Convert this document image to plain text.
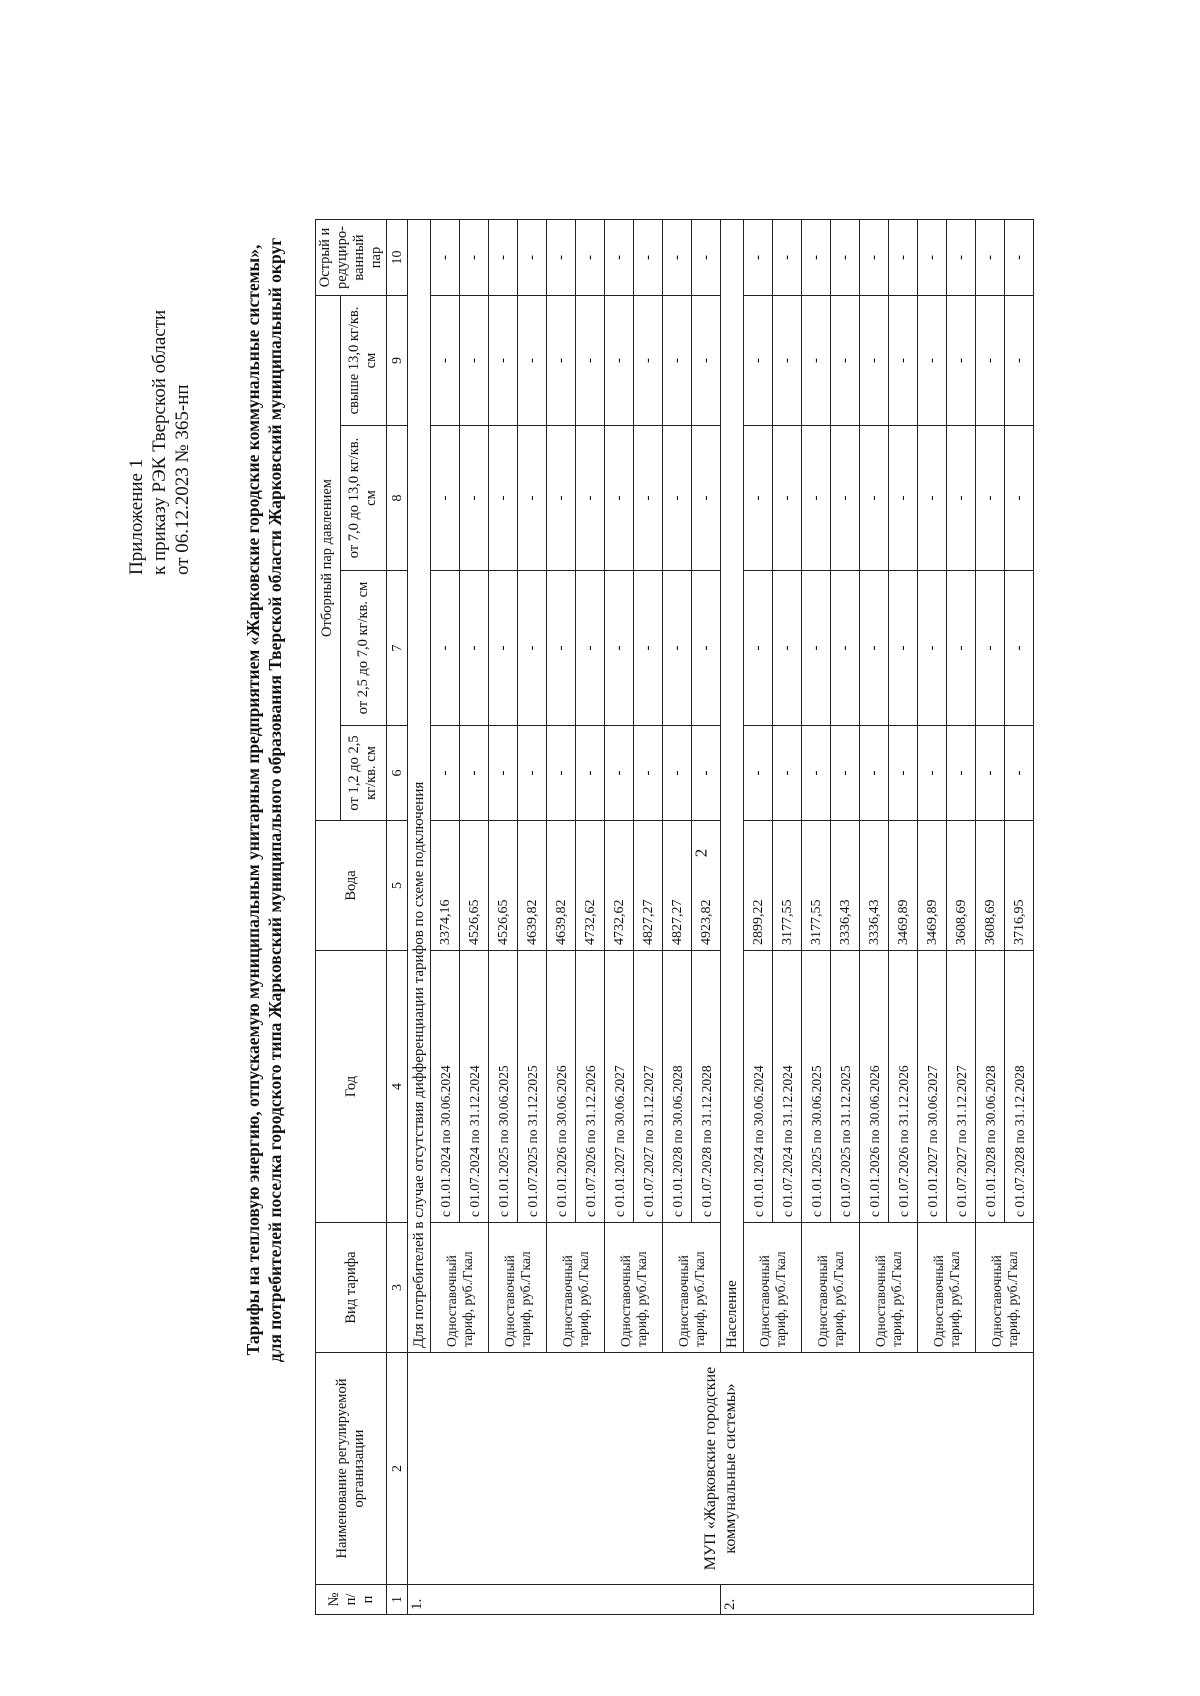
2
Приложение 1 к приказу РЭК Тверской области от 06.12.2023 № 365-нп	Тарифы на тепловую энергию, отпускаемую муниципальным унитарным предприятием «Жарковские городские коммунальные системы», для потребителей поселка городского типа Жарковский муниципального образования Тверской области Жарковский муниципальный округ
№ п/ п	Наименование регулируемой организации	Вид тарифа	Год	Вода	Отборный пар давлением				Острый и редуциро-ванный пар
					от 1,2 до 2,5 кг/кв. см	от 2,5 до 7,0 кг/кв. см	от 7,0 до 13,0 кг/кв. см	свыше 13,0 кг/кв. см	
1	2	3	4	5	6	7	8	9	10
1.	МУП «Жарковские городские коммунальные системы»	Для потребителей в случае отсутствия дифференциации тарифов по схеме подключения							
		Одноставочный тариф, руб./Гкал	с 01.01.2024 по 30.06.2024	3374,16	-	-	-	-	-
			с 01.07.2024 по 31.12.2024	4526,65	-	-	-	-	-
		Одноставочный тариф, руб./Гкал	с 01.01.2025 по 30.06.2025	4526,65	-	-	-	-	-
			с 01.07.2025 по 31.12.2025	4639,82	-	-	-	-	-
		Одноставочный тариф, руб./Гкал	с 01.01.2026 по 30.06.2026	4639,82	-	-	-	-	-
			с 01.07.2026 по 31.12.2026	4732,62	-	-	-	-	-
		Одноставочный тариф, руб./Гкал	с 01.01.2027 по 30.06.2027	4732,62	-	-	-	-	-
			с 01.07.2027 по 31.12.2027	4827,27	-	-	-	-	-
		Одноставочный тариф, руб./Гкал	с 01.01.2028 по 30.06.2028	4827,27	-	-	-	-	-
			с 01.07.2028 по 31.12.2028	4923,82	-	-	-	-	-
2.		Население							
		Одноставочный тариф, руб./Гкал	с 01.01.2024 по 30.06.2024	2899,22	-	-	-	-	-
			с 01.07.2024 по 31.12.2024	3177,55	-	-	-	-	-
		Одноставочный тариф, руб./Гкал	с 01.01.2025 по 30.06.2025	3177,55	-	-	-	-	-
			с 01.07.2025 по 31.12.2025	3336,43	-	-	-	-	-
		Одноставочный тариф, руб./Гкал	с 01.01.2026 по 30.06.2026	3336,43	-	-	-	-	-
			с 01.07.2026 по 31.12.2026	3469,89	-	-	-	-	-
		Одноставочный тариф, руб./Гкал	с 01.01.2027 по 30.06.2027	3469,89	-	-	-	-	-
			с 01.07.2027 по 31.12.2027	3608,69	-	-	-	-	-
		Одноставочный тариф, руб./Гкал	с 01.01.2028 по 30.06.2028	3608,69	-	-	-	-	-
			с 01.07.2028 по 31.12.2028	3716,95	-	-	-	-	-
